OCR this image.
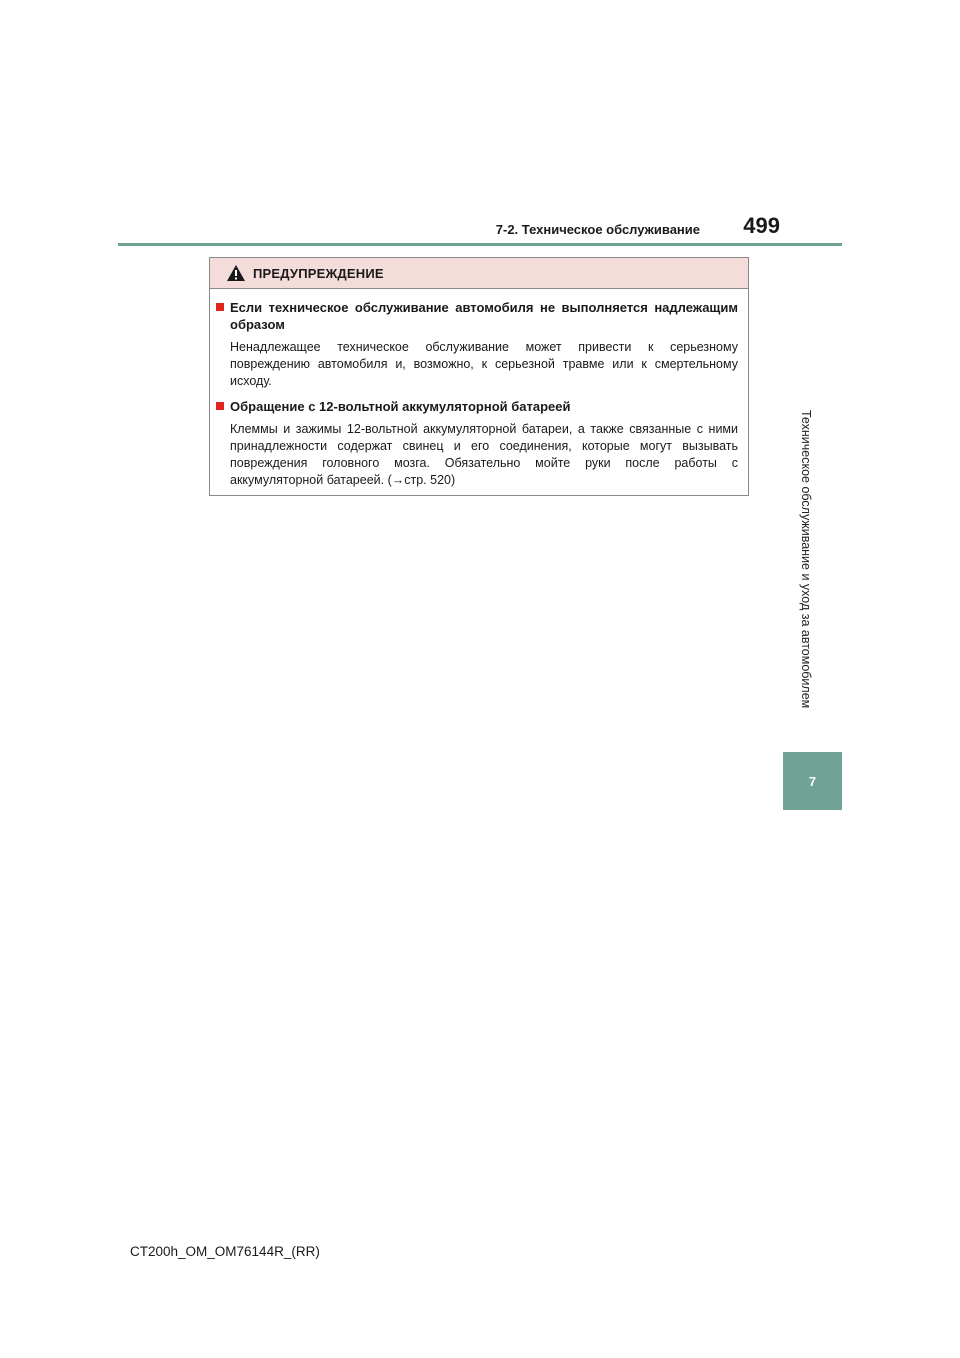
7-2. Техническое обслуживание	499
Техническое обслуживание и уход за автомобилем
7
ПРЕДУПРЕЖДЕНИЕ
Если техническое обслуживание автомобиля не выполняется надлежащим образом
Ненадлежащее техническое обслуживание может привести к серьезному повреждению автомобиля и, возможно, к серьезной травме или к смертельному исходу.
Обращение с 12-вольтной аккумуляторной батареей
Клеммы и зажимы 12-вольтной аккумуляторной батареи, а также связанные с ними принадлежности содержат свинец и его соединения, которые могут вызывать повреждения головного мозга. Обязательно мойте руки после работы с аккумуляторной батареей. (→стр. 520)
CT200h_OM_OM76144R_(RR)
